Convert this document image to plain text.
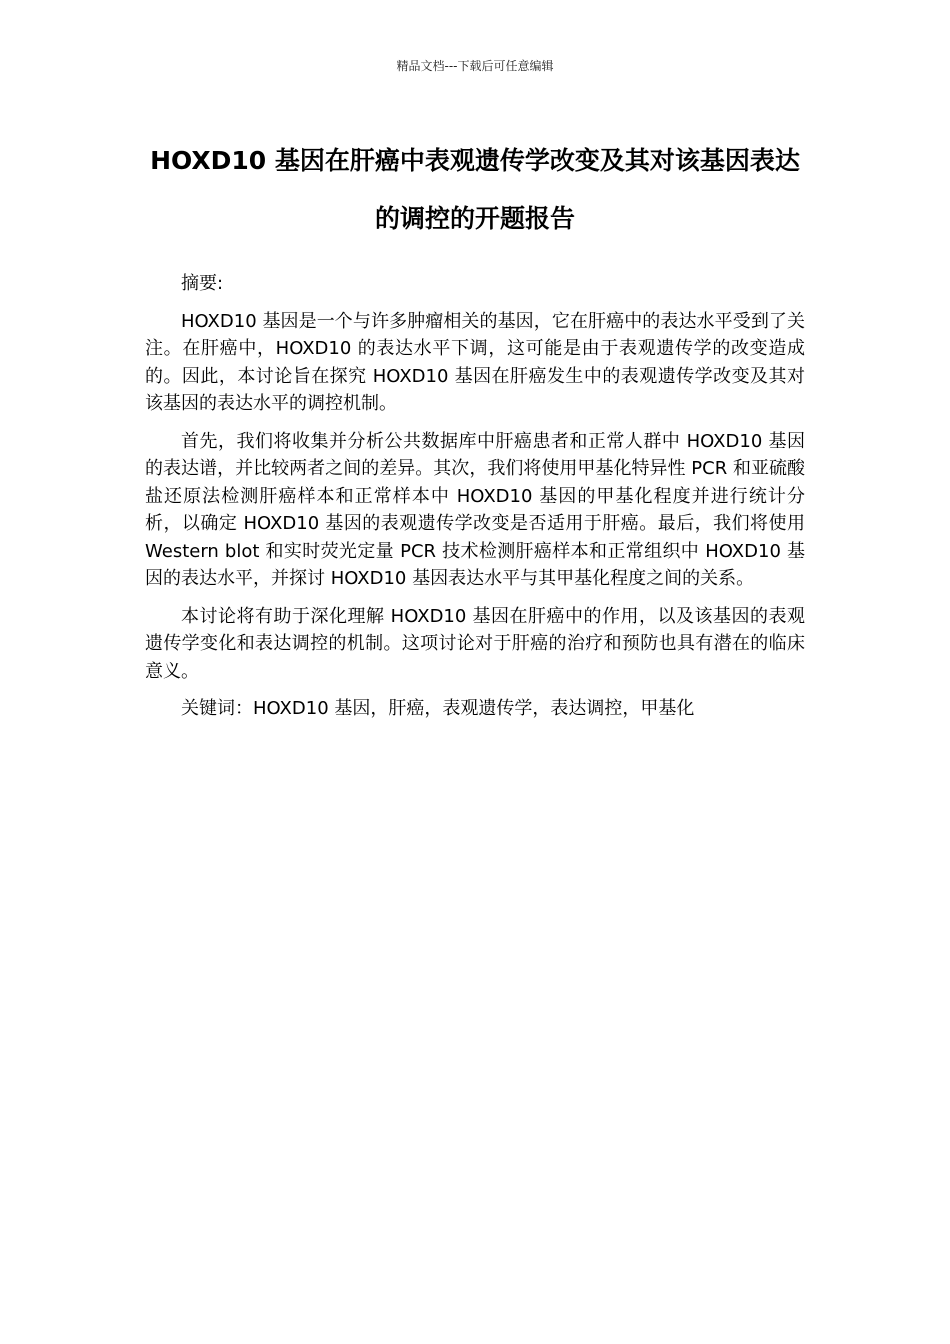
精品文档---下载后可任意编辑
HOXD10 基因在肝癌中表观遗传学改变及其对该基因表达的调控的开题报告

摘要:

HOXD10 基因是一个与许多肿瘤相关的基因，它在肝癌中的表达水平受到了关注。在肝癌中，HOXD10 的表达水平下调，这可能是由于表观遗传学的改变造成的。因此，本讨论旨在探究 HOXD10 基因在肝癌发生中的表观遗传学改变及其对该基因的表达水平的调控机制。

首先，我们将收集并分析公共数据库中肝癌患者和正常人群中 HOXD10 基因的表达谱，并比较两者之间的差异。其次，我们将使用甲基化特异性 PCR 和亚硫酸盐还原法检测肝癌样本和正常样本中 HOXD10 基因的甲基化程度并进行统计分析，以确定 HOXD10 基因的表观遗传学改变是否适用于肝癌。最后，我们将使用 Western blot 和实时荧光定量 PCR 技术检测肝癌样本和正常组织中 HOXD10 基因的表达水平，并探讨 HOXD10 基因表达水平与其甲基化程度之间的关系。

本讨论将有助于深化理解 HOXD10 基因在肝癌中的作用，以及该基因的表观遗传学变化和表达调控的机制。这项讨论对于肝癌的治疗和预防也具有潜在的临床意义。

关键词：HOXD10 基因，肝癌，表观遗传学，表达调控，甲基化
